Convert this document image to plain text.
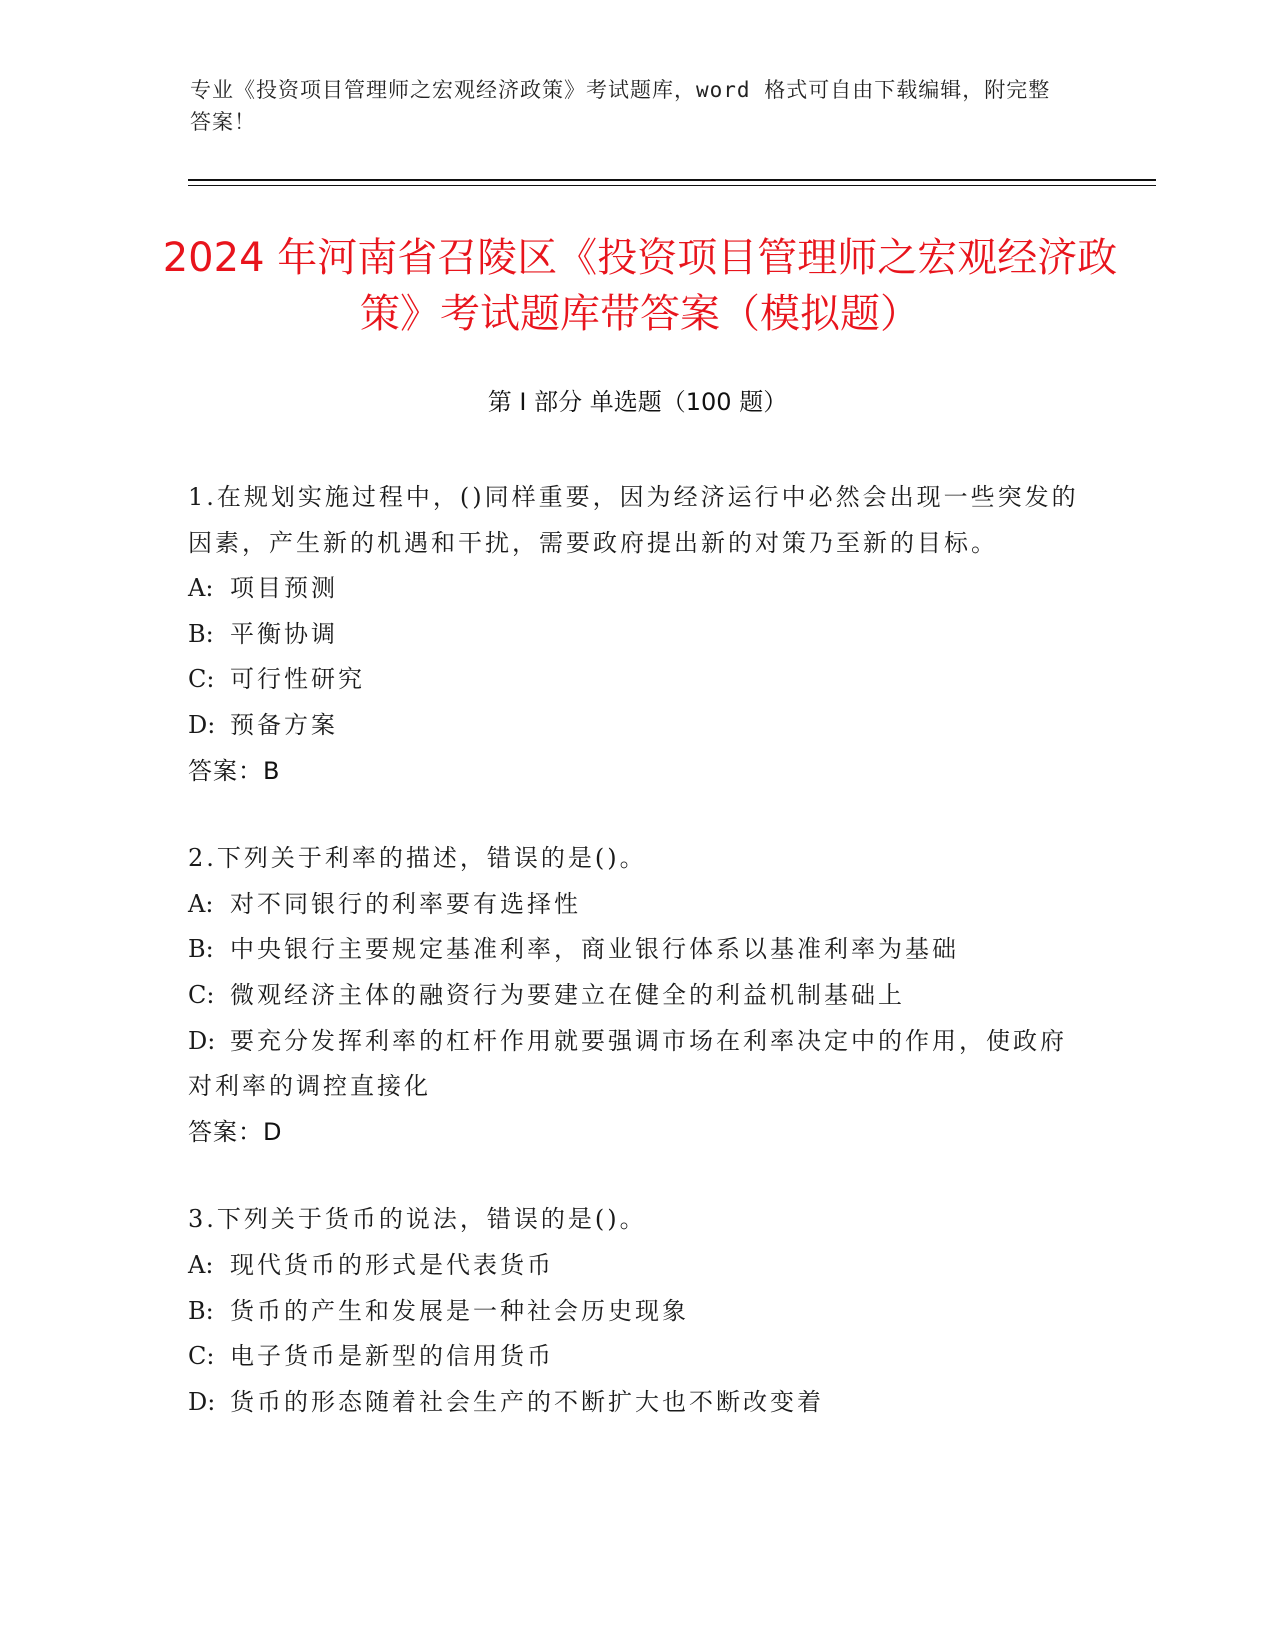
专业《投资项目管理师之宏观经济政策》考试题库，word 格式可自由下载编辑，附完整答案！
2024 年河南省召陵区《投资项目管理师之宏观经济政策》考试题库带答案（模拟题）
第 I 部分 单选题（100 题）

1.在规划实施过程中，()同样重要，因为经济运行中必然会出现一些突发的因素，产生新的机遇和干扰，需要政府提出新的对策乃至新的目标。

A: 项目预测

B: 平衡协调

C: 可行性研究

D: 预备方案

答案：B

2.下列关于利率的描述，错误的是()。

A: 对不同银行的利率要有选择性

B: 中央银行主要规定基准利率，商业银行体系以基准利率为基础

C: 微观经济主体的融资行为要建立在健全的利益机制基础上

D: 要充分发挥利率的杠杆作用就要强调市场在利率决定中的作用，使政府对利率的调控直接化

答案：D

3.下列关于货币的说法，错误的是()。

A: 现代货币的形式是代表货币

B: 货币的产生和发展是一种社会历史现象

C: 电子货币是新型的信用货币

D: 货币的形态随着社会生产的不断扩大也不断改变着
